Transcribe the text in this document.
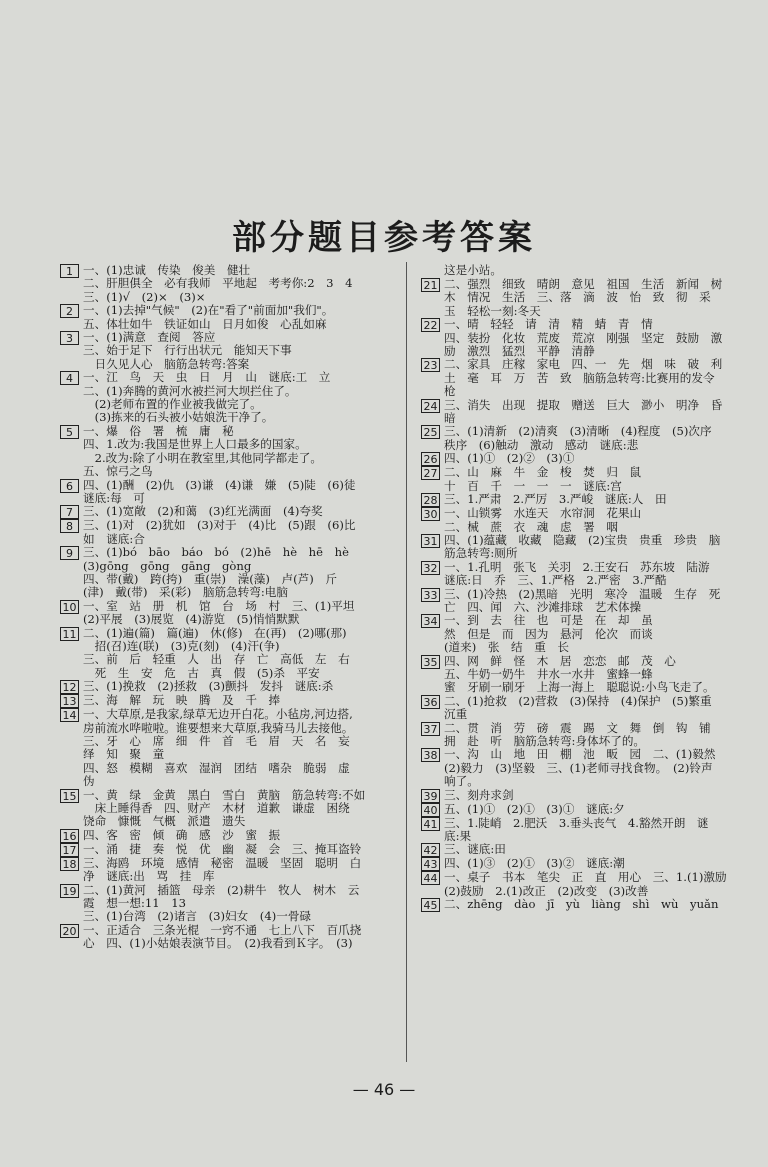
部分题目参考答案
1 一、(1)忠诚　传染　俊美　健壮
二、肝胆俱全　必有我师　平地起　考考你:2　3　4
三、(1)√　(2)×　(3)×
2 一、(1)去掉"气候"　(2)在"看了"前面加"我们"。
五、体壮如牛　铁证如山　日月如俊　心乱如麻
3 一、(1)满意　查阅　答应
三、始于足下　行行出状元　能知天下事
　日久见人心　脑筋急转弯:答案
4 一、江　鸟　天　虫　日　月　山　谜底:工　立
二、(1)奔腾的黄河水被拦河大坝拦住了。
　(2)老师布置的作业被我做完了。
　(3)拣来的石头被小姑娘洗干净了。
5 一、爆　俗　署　梳　庸　秘
四、1.改为:我国是世界上人口最多的国家。
　2.改为:除了小明在教室里,其他同学都走了。
五、惊弓之鸟
6 四、(1)酬　(2)仇　(3)谦　(4)谦　嫌　(5)陡　(6)徒
谜底:每　可
7 三、(1)宽敞　(2)和蔼　(3)红光满面　(4)夸奖
8 三、(1)对　(2)犹如　(3)对于　(4)比　(5)跟　(6)比
如　谜底:合
9 三、(1)bó　bāo　báo　bó　(2)hē　hè　hē　hè
(3)gōng　gōng　gāng　gòng
四、带(戴)　跨(挎)　重(崇)　澡(藻)　卢(芦)　斤
(津)　戴(带)　采(彩)　脑筋急转弯:电脑
10 一、室　站　册　机　馆　台　场　村　三、(1)平坦
(2)平展　(3)展览　(4)游览　(5)悄悄默默
11 二、(1)遍(篇)　篇(遍)　休(修)　在(再)　(2)哪(那)
　招(召)连(联)　(3)克(刻)　(4)汗(争)
三、前　后　轻重　人　出　存　亡　高低　左　右
　死　生　安　危　古　真　假　(5)杀　平安
12 三、(1)挽救　(2)拯救　(3)颤抖　发抖　谜底:杀
13 三、海　解　玩　映　腾　及　千　捧
14 一、大草原,是我家,绿草无边开白花。小毡房,河边搭,
房前流水哗啦啦。谁要想来大草原,我骑马儿去接他。
三、牙　心　席　细　件　首　毛　眉　天　名　妄
绎　知　聚　童
四、怒　模糊　喜欢　湿润　团结　嗜杂　脆弱　虚
伪
15 一、黄　绿　金黄　黑白　雪白　黄脑　筋急转弯:不如
　床上睡得香　四、财产　木材　道歉　谦虚　困绕
饶命　慷慨　气概　派遣　遗失
16 四、客　密　倾　确　感　沙　蜜　振
17 一、涌　捷　奏　悦　优　幽　凝　会　三、掩耳盗铃
18 三、海鸥　环境　感情　秘密　温暖　坚固　聪明　白
净　谜底:出　骂　挂　库
19 二、(1)黄河　插篮　母亲　(2)耕牛　牧人　树木　云
霞　想一想:11　13
三、(1)台湾　(2)诸言　(3)妇女　(4)一骨碌
20 一、正适合　三条光棍　一窍不通　七上八下　百爪挠
心　四、(1)小姑娘表演节目。　(2)我看到Ｋ字。　(3)
这是小站。
21 二、强烈　细致　晴朗　意见　祖国　生活　新闻　树
木　情况　生活　三、落　滴　波　怡　致　彻　采
玉　轻松一刻:冬天
22 一、晴　轻轻　请　清　精　蜻　青　情
四、装扮　化妆　荒废　荒凉　刚强　坚定　鼓励　激
励　激烈　猛烈　平静　清静
23 二、家具　庄稼　家电　四、一　先　烟　味　破　利
土　毫　耳　万　苦　致　脑筋急转弯:比赛用的发令
枪
24 三、消失　出现　提取　赠送　巨大　渺小　明净　昏
暗
25 三、(1)清新　(2)清爽　(3)清晰　(4)程度　(5)次序
秩序　(6)触动　激动　感动　谜底:悲
26 四、(1)①　(2)②　(3)①
27 二、山　麻　牛　金　梭　焚　归　鼠
十　百　千　一　一　一　谜底:宫
28 三、1.严肃　2.严厉　3.严峻　谜底:人　田
30 一、山锁雾　水连天　水帘洞　花果山
二、械　蔗　衣　魂　虑　署　咽
31 四、(1)蕴藏　收藏　隐藏　(2)宝贵　贵重　珍贵　脑
筋急转弯:厕所
32 一、1.孔明　张飞　关羽　2.王安石　苏东坡　陆游
谜底:日　乔　三、1.严格　2.严密　3.严酷
33 三、(1)冷热　(2)黑暗　光明　寒冷　温暖　生存　死
亡　四、闻　六、沙滩排球　艺术体操
34 一、到　去　往　也　可是　在　却　虽
然　但是　而　因为　悬河　伦次　而谈
(道来)　张　结　重　长
35 四、网　鲜　怪　木　居　恋恋　邮　茂　心
五、牛奶一奶牛　井水一水井　蜜蜂一蜂
蜜　牙刷一刷牙　上海一海上　聪聪说:小鸟飞走了。
36 二、(1)抢救　(2)营救　(3)保持　(4)保护　(5)繁重
沉重
37 二、贯　消　劳　磅　震　踢　文　舞　倒　钩　铺
拥　赴　听　脑筋急转弯:身体坏了的。
38 一、沟　山　地　田　棚　池　畈　园　二、(1)毅然
(2)毅力　(3)坚毅　三、(1)老师寻找食物。　(2)铃声
响了。
39 三、刻舟求剑
40 五、(1)①　(2)①　(3)①　谜底:夕
41 三、1.陡峭　2.肥沃　3.垂头丧气　4.豁然开朗　谜
底:果
42 三、谜底:田
43 四、(1)③　(2)①　(3)②　谜底:潮
44 一、桌子　书本　笔尖　正　直　用心　三、1.(1)激励
(2)鼓励　2.(1)改正　(2)改变　(3)改善
45 二、zhēng　dào　jī　yù　liàng　shì　wù　yuǎn
— 46 —
